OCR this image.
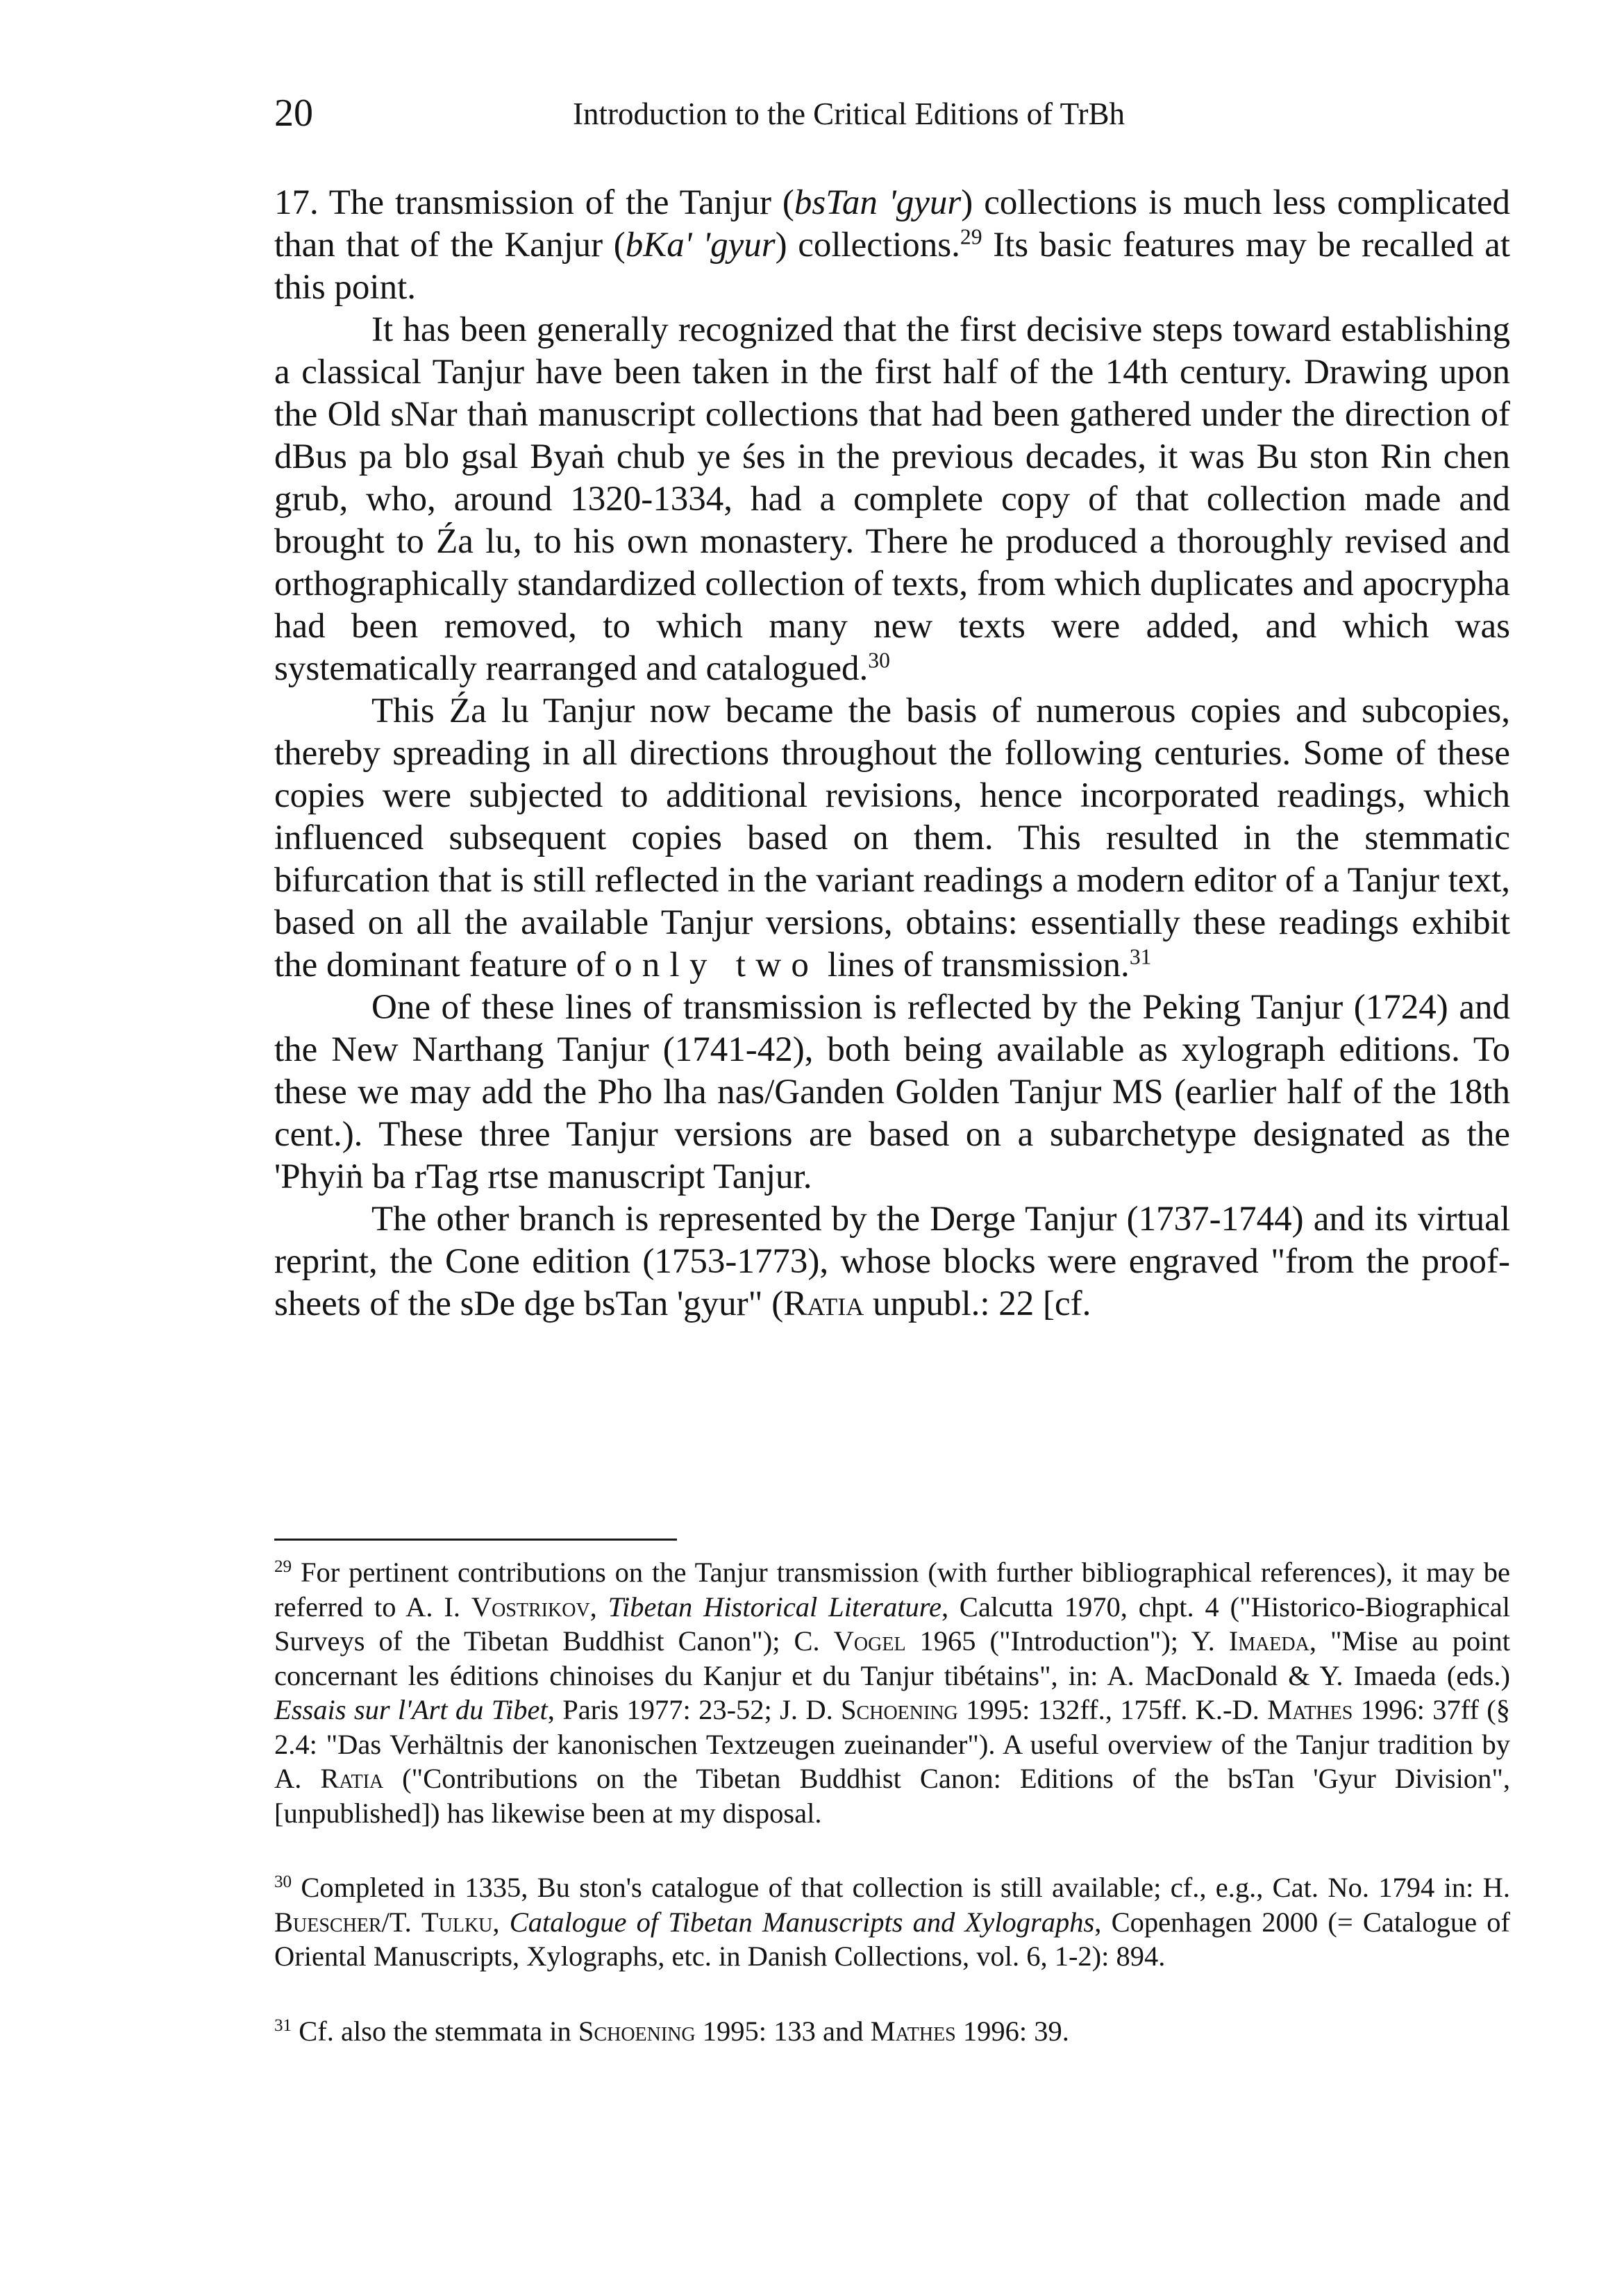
20	Introduction to the Critical Editions of TrBh

17. The transmission of the Tanjur (bsTan 'gyur) collections is much less complicated than that of the Kanjur (bKa' 'gyur) collections.$^{29}$ Its basic features may be recalled at this point.

It has been generally recognized that the first decisive steps toward establishing a classical Tanjur have been taken in the first half of the 14th century. Drawing upon the Old sNar thaṅ manuscript collections that had been gathered under the direction of dBus pa blo gsal Byaṅ chub ye śes in the previous decades, it was Bu ston Rin chen grub, who, around 1320-1334, had a complete copy of that collection made and brought to Źa lu, to his own monastery. There he produced a thoroughly revised and orthographically standardized collection of texts, from which duplicates and apocrypha had been removed, to which many new texts were added, and which was systematically rearranged and catalogued.$^{30}$

This Źa lu Tanjur now became the basis of numerous copies and subcopies, thereby spreading in all directions throughout the following centuries. Some of these copies were subjected to additional revisions, hence incorporated readings, which influenced subsequent copies based on them. This resulted in the stemmatic bifurcation that is still reflected in the variant readings a modern editor of a Tanjur text, based on all the available Tanjur versions, obtains: essentially these readings exhibit the dominant feature of only two lines of transmission.$^{31}$

One of these lines of transmission is reflected by the Peking Tanjur (1724) and the New Narthang Tanjur (1741-42), both being available as xylograph editions. To these we may add the Pho lha nas/Ganden Golden Tanjur MS (earlier half of the 18th cent.). These three Tanjur versions are based on a subarchetype designated as the 'Phyiṅ ba rTag rtse manuscript Tanjur.

The other branch is represented by the Derge Tanjur (1737-1744) and its virtual reprint, the Cone edition (1753-1773), whose blocks were engraved "from the proof-sheets of the sDe dge bsTan 'gyur" (Ratia unpubl.: 22 [cf.

$^{29}$ For pertinent contributions on the Tanjur transmission (with further bibliographical references), it may be referred to A. I. Vostrikov, Tibetan Historical Literature, Calcutta 1970, chpt. 4 ("Historico-Biographical Surveys of the Tibetan Buddhist Canon"); C. Vogel 1965 ("Introduction"); Y. Imaeda, "Mise au point concernant les éditions chinoises du Kanjur et du Tanjur tibétains", in: A. MacDonald & Y. Imaeda (eds.) Essais sur l'Art du Tibet, Paris 1977: 23-52; J. D. Schoening 1995: 132ff., 175ff. K.-D. Mathes 1996: 37ff (§ 2.4: "Das Verhältnis der kanonischen Textzeugen zueinander"). A useful overview of the Tanjur tradition by A. Ratia ("Contributions on the Tibetan Buddhist Canon: Editions of the bsTan 'Gyur Division", [unpublished]) has likewise been at my disposal.

$^{30}$ Completed in 1335, Bu ston's catalogue of that collection is still available; cf., e.g., Cat. No. 1794 in: H. Buescher/T. Tulku, Catalogue of Tibetan Manuscripts and Xylographs, Copenhagen 2000 (= Catalogue of Oriental Manuscripts, Xylographs, etc. in Danish Collections, vol. 6, 1-2): 894.

$^{31}$ Cf. also the stemmata in Schoening 1995: 133 and Mathes 1996: 39.
